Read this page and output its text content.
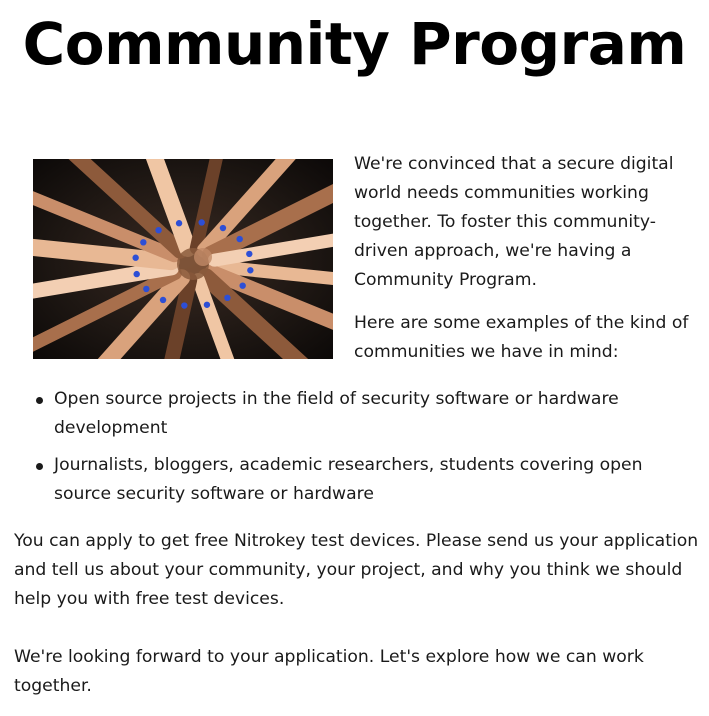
Community Program

We're convinced that a secure digital world needs communities working together. To foster this community-driven approach, we're having a Community Program.

Here are some examples of the kind of communities we have in mind:

Open source projects in the field of security software or hardware development
Journalists, bloggers, academic researchers, students covering open source security software or hardware

You can apply to get free Nitrokey test devices. Please send us your application and tell us about your community, your project, and why you think we should help you with free test devices.

We're looking forward to your application. Let's explore how we can work together.
